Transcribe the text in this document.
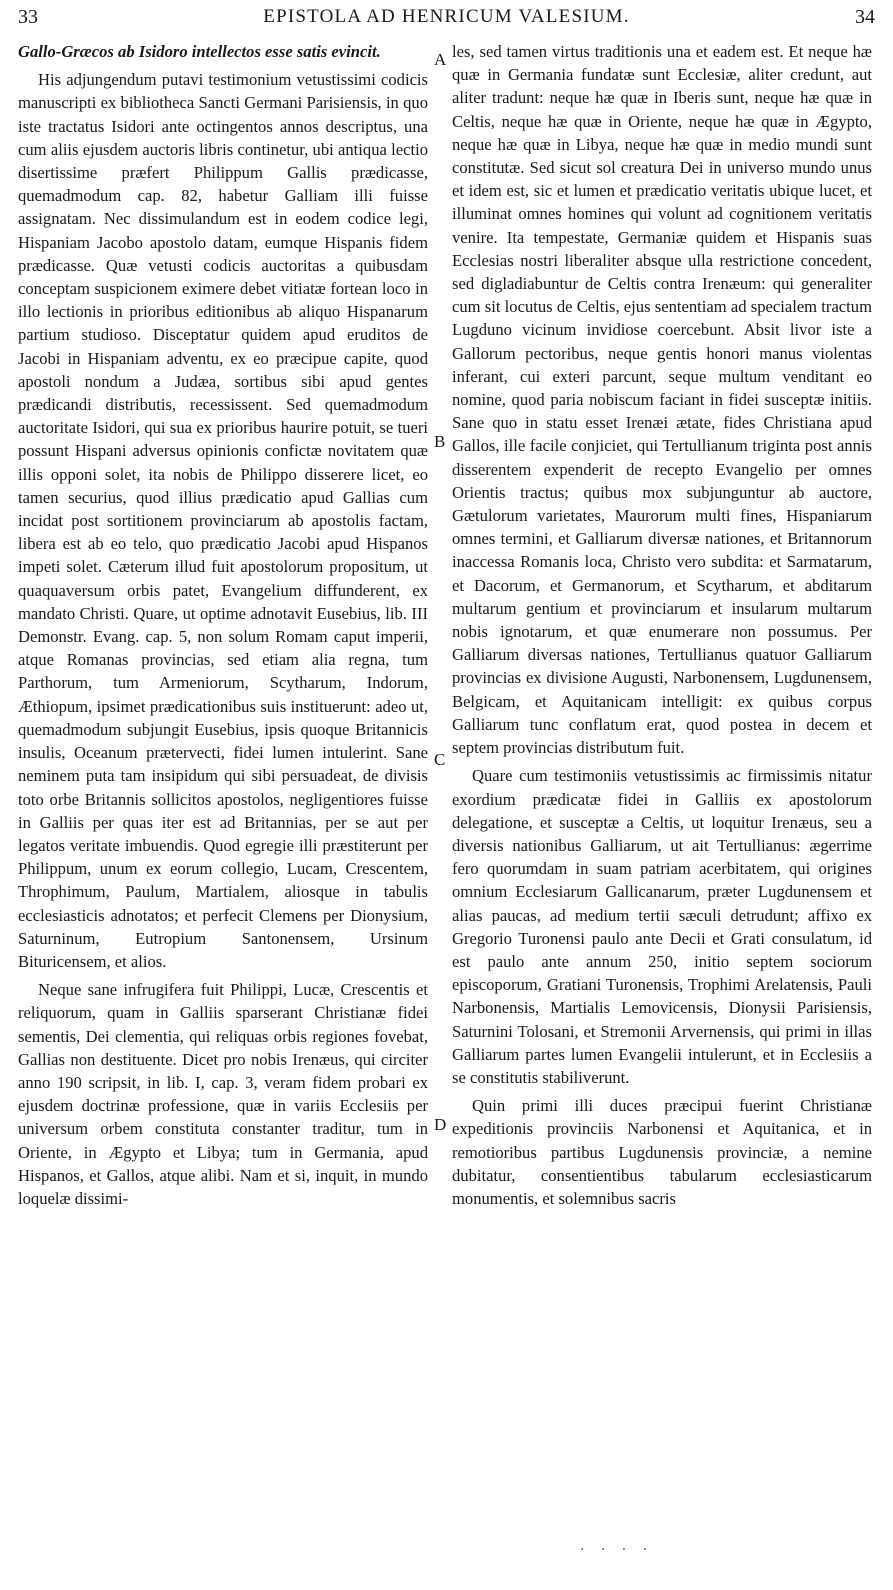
33	EPISTOLA AD HENRICUM VALESIUM.	34

Gallo-Græcos ab Isidoro intellectos esse satis evincit.

His adjungendum putavi testimonium vetustissimi codicis manuscripti ex bibliotheca Sancti Germani Parisiensis, in quo iste tractatus Isidori ante octingentos annos descriptus, una cum aliis ejusdem auctoris libris continetur, ubi antiqua lectio disertissime præfert Philippum Gallis prædicasse, quemadmodum cap. 82, habetur Galliam illi fuisse assignatam. Nec dissimulandum est in eodem codice legi, Hispaniam Jacobo apostolo datam, eumque Hispanis fidem prædicasse. Quæ vetusti codicis auctoritas a quibusdam conceptam suspicionem eximere debet vitiatæ fortean loco in illo lectionis in prioribus editionibus ab aliquo Hispanarum partium studioso. Disceptatur quidem apud eruditos de Jacobi in Hispaniam adventu, ex eo præcipue capite, quod apostoli nondum a Judæa, sortibus sibi apud gentes prædicandi distributis, recessissent. Sed quemadmodum auctoritate Isidori, qui sua ex prioribus haurire potuit, se tueri possunt Hispani adversus opinionis confictæ novitatem quæ illis opponi solet, ita nobis de Philippo disserere licet, eo tamen securius, quod illius prædicatio apud Gallias cum incidat post sortitionem provinciarum ab apostolis factam, libera est ab eo telo, quo prædicatio Jacobi apud Hispanos impeti solet. Cæterum illud fuit apostolorum propositum, ut quaquaversum orbis patet, Evangelium diffunderent, ex mandato Christi. Quare, ut optime adnotavit Eusebius, lib. III Demonstr. Evang. cap. 5, non solum Romam caput imperii, atque Romanas provincias, sed etiam alia regna, tum Parthorum, tum Armeniorum, Scytharum, Indorum, Æthiopum, ipsimet prædicationibus suis instituerunt: adeo ut, quemadmodum subjungit Eusebius, ipsis quoque Britannicis insulis, Oceanum prætervecti, fidei lumen intulerint. Sane neminem puta tam insipidum qui sibi persuadeat, de divisis toto orbe Britannis sollicitos apostolos, negligentiores fuisse in Galliis per quas iter est ad Britannias, per se aut per legatos veritate imbuendis. Quod egregie illi præstiterunt per Philippum, unum ex eorum collegio, Lucam, Crescentem, Throphimum, Paulum, Martialem, aliosque in tabulis ecclesiasticis adnotatos; et perfecit Clemens per Dionysium, Saturninum, Eutropium Santonensem, Ursinum Bituricensem, et alios.

Neque sane infrugifera fuit Philippi, Lucæ, Crescentis et reliquorum, quam in Galliis sparserant Christianæ fidei sementis, Dei clementia, qui reliquas orbis regiones fovebat, Gallias non destituente. Dicet pro nobis Irenæus, qui circiter anno 190 scripsit, in lib. I, cap. 3, veram fidem probari ex ejusdem doctrinæ professione, quæ in variis Ecclesiis per universum orbem constituta constanter traditur, tum in Oriente, in Ægypto et Libya; tum in Germania, apud Hispanos, et Gallos, atque alibi. Nam et si, inquit, in mundo loquelæ dissimi-

A
B
C
D

les, sed tamen virtus traditionis una et eadem est. Et neque hæ quæ in Germania fundatæ sunt Ecclesiæ, aliter credunt, aut aliter tradunt: neque hæ quæ in Iberis sunt, neque hæ quæ in Celtis, neque hæ quæ in Oriente, neque hæ quæ in Ægypto, neque hæ quæ in Libya, neque hæ quæ in medio mundi sunt constitutæ. Sed sicut sol creatura Dei in universo mundo unus et idem est, sic et lumen et prædicatio veritatis ubique lucet, et illuminat omnes homines qui volunt ad cognitionem veritatis venire. Ita tempestate, Germaniæ quidem et Hispanis suas Ecclesias nostri liberaliter absque ulla restrictione concedent, sed digladiabuntur de Celtis contra Irenæum: qui generaliter cum sit locutus de Celtis, ejus sententiam ad specialem tractum Lugduno vicinum invidiose coercebunt. Absit livor iste a Gallorum pectoribus, neque gentis honori manus violentas inferant, cui exteri parcunt, seque multum venditant eo nomine, quod paria nobiscum faciant in fidei susceptæ initiis. Sane quo in statu esset Irenæi ætate, fides Christiana apud Gallos, ille facile conjiciet, qui Tertullianum triginta post annis disserentem expenderit de recepto Evangelio per omnes Orientis tractus; quibus mox subjunguntur ab auctore, Gætulorum varietates, Maurorum multi fines, Hispaniarum omnes termini, et Galliarum diversæ nationes, et Britannorum inaccessa Romanis loca, Christo vero subdita: et Sarmatarum, et Dacorum, et Germanorum, et Scytharum, et abditarum multarum gentium et provinciarum et insularum multarum nobis ignotarum, et quæ enumerare non possumus. Per Galliarum diversas nationes, Tertullianus quatuor Galliarum provincias ex divisione Augusti, Narbonensem, Lugdunensem, Belgicam, et Aquitanicam intelligit: ex quibus corpus Galliarum tunc conflatum erat, quod postea in decem et septem provincias distributum fuit.

Quare cum testimoniis vetustissimis ac firmissimis nitatur exordium prædicatæ fidei in Galliis ex apostolorum delegatione, et susceptæ a Celtis, ut loquitur Irenæus, seu a diversis nationibus Galliarum, ut ait Tertullianus: ægerrime fero quorumdam in suam patriam acerbitatem, qui origines omnium Ecclesiarum Gallicanarum, præter Lugdunensem et alias paucas, ad medium tertii sæculi detrudunt; affixo ex Gregorio Turonensi paulo ante Decii et Grati consulatum, id est paulo ante annum 250, initio septem sociorum episcoporum, Gratiani Turonensis, Trophimi Arelatensis, Pauli Narbonensis, Martialis Lemovicensis, Dionysii Parisiensis, Saturnini Tolosani, et Stremonii Arvernensis, qui primi in illas Galliarum partes lumen Evangelii intulerunt, et in Ecclesiis a se constitutis stabiliverunt.

Quin primi illi duces præcipui fuerint Christianæ expeditionis provinciis Narbonensi et Aquitanica, et in remotioribus partibus Lugdunensis provinciæ, a nemine dubitatur, consentientibus tabularum ecclesiasticarum monumentis, et solemnibus sacris

· · · ·
